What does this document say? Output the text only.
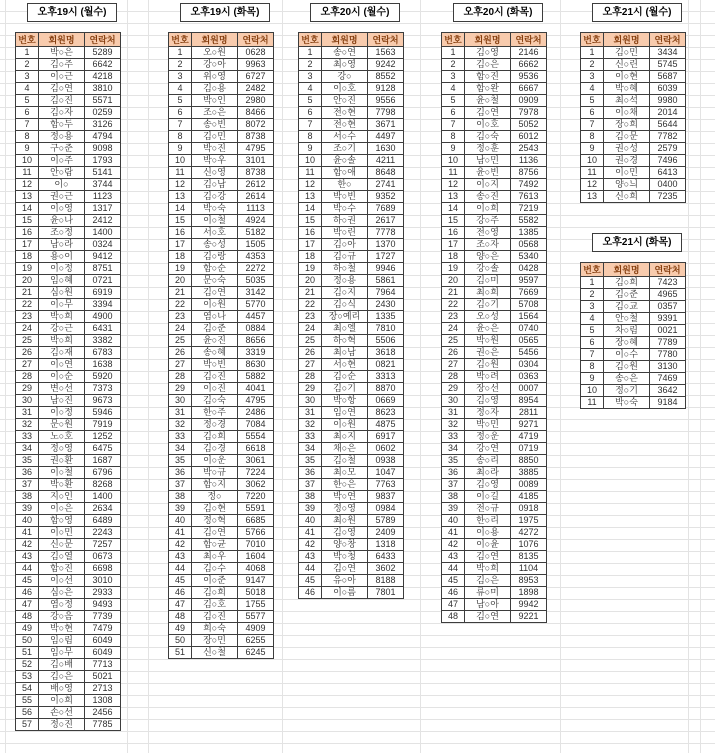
오후19시 (월수)
번호	회원명	연락처
1	박○은	5289
2	김○주	6642
3	이○근	4218
4	김○연	3810
5	김○진	5571
6	김○자	0259
7	함○두	3126
8	정○용	4794
9	구○준	9098
10	이○주	1793
11	안○람	5141
12	이○	3744
13	권○근	1123
14	이○영	1317
15	윤○나	2412
16	조○정	1400
17	남○라	0324
18	용○이	9412
19	이○정	8751
20	임○혜	0721
21	심○원	6919
22	이○무	3394
23	박○희	4900
24	강○근	6431
25	박○희	3382
26	김○재	6783
27	이○연	1638
28	이○순	5920
29	변○선	7373
30	남○진	9673
31	이○정	5946
32	문○원	7919
33	노○호	1252
34	정○영	6475
35	권○환	1687
36	이○철	6796
37	박○환	8268
38	지○인	1400
39	이○은	2634
40	함○영	6489
41	이○민	2243
42	신○문	7257
43	김○열	0673
44	함○진	6698
45	이○선	3010
46	심○은	2933
47	염○정	9493
48	강○음	7739
49	박○현	7479
50	임○림	6049
51	임○무	6049
52	김○배	7713
53	김○은	5021
54	배○영	2713
55	이○희	1308
56	손○선	2456
57	정○진	7785
오후19시 (화목)
번호	회원명	연락처
1	오○원	0628
2	강○아	9963
3	위○영	6727
4	김○용	2482
5	박○인	2980
6	조○은	8466
7	송○빈	8072
8	김○민	8738
9	박○진	4795
10	박○우	3101
11	신○영	8738
12	김○남	2612
13	김○강	2614
14	박○숙	1113
15	이○철	4924
16	서○호	5182
17	송○성	1505
18	김○랑	4353
19	함○순	2272
20	문○숙	5035
21	김○연	3142
22	이○원	5770
23	염○나	4457
24	김○준	0884
25	윤○진	8656
26	송○혜	3319
27	박○빈	8630
28	김○진	5882
29	이○진	4041
30	김○숙	4795
31	한○주	2486
32	정○경	7084
33	김○희	5554
34	김○경	6618
35	이○운	3061
36	박○규	7224
37	함○지	3062
38	정○	7220
39	김○현	5591
40	정○혁	6685
41	김○연	5766
42	함○균	7010
43	최○우	1604
44	김○수	4068
45	이○준	9147
46	김○희	5018
47	김○호	1755
48	김○진	5577
49	희○숙	4909
50	장○민	6255
51	신○철	6245
오후20시 (월수)
번호	회원명	연락처
1	송○연	1563
2	최○영	9242
3	강○	8552
4	이○호	9128
5	안○진	9556
6	전○현	7798
7	전○현	3671
8	서○수	4497
9	조○기	1630
10	윤○솔	4211
11	함○애	8648
12	한○	2741
13	박○빈	9352
14	박○수	7689
15	하○권	2617
16	박○린	7778
17	김○아	1370
18	김○규	1727
19	하○철	9946
20	정○용	5861
21	김○지	7964
22	김○식	2430
23	장○예리	1335
24	최○엘	7810
25	하○혁	5506
26	최○남	3618
27	서○현	0821
28	김○순	3313
29	김○기	8870
30	박○항	0669
31	임○연	8623
32	이○원	4875
33	최○지	6917
34	채○은	0602
35	김○철	0938
36	최○모	1047
37	한○은	7763
38	박○연	9837
39	정○영	0984
40	최○원	5789
41	김○영	2409
42	양○창	1318
43	박○청	6433
44	김○연	3602
45	유○아	8188
46	이○름	7801
오후20시 (화목)
번호	회원명	연락처
1	김○영	2146
2	김○은	6662
3	함○진	9536
4	함○완	6667
5	윤○철	0909
6	김○연	7978
7	이○호	5052
8	김○숙	6012
9	정○훈	2543
10	남○민	1136
11	윤○빈	8756
12	이○지	7492
13	송○진	7613
14	이○희	7219
15	강○주	5582
16	전○영	1385
17	조○자	0568
18	양○은	5340
19	강○솔	0428
20	김○미	9597
21	최○희	7669
22	김○기	5708
23	오○성	1564
24	윤○은	0740
25	박○원	0565
26	권○은	5456
27	김○원	0304
28	박○려	0363
29	장○선	0007
30	김○영	8954
31	정○자	2811
32	박○민	9271
33	정○운	4719
34	강○연	0719
35	송○리	8850
36	최○라	3885
37	김○영	0089
38	이○길	4185
39	전○규	0918
40	한○리	1975
41	이○용	4272
42	이○윤	1076
43	김○연	8135
44	박○희	1104
45	김○은	8953
46	류○미	1898
47	남○아	9942
48	김○연	9221
오후21시 (월수)
번호	회원명	연락처
1	김○민	3434
2	신○린	5745
3	이○현	5687
4	박○혜	6039
5	최○석	9980
6	이○채	2014
7	장○희	5644
8	김○문	7782
9	권○성	2579
10	권○경	7496
11	이○민	6413
12	양○늬	0400
13	신○희	7235
오후21시 (화목)
번호	회원명	연락처
1	김○희	7423
2	김○준	4965
3	김○교	0357
4	안○철	9391
5	차○림	0021
6	장○혜	7789
7	이○수	7780
8	김○원	3130
9	송○은	7469
10	정○기	3642
11	박○숙	9184
